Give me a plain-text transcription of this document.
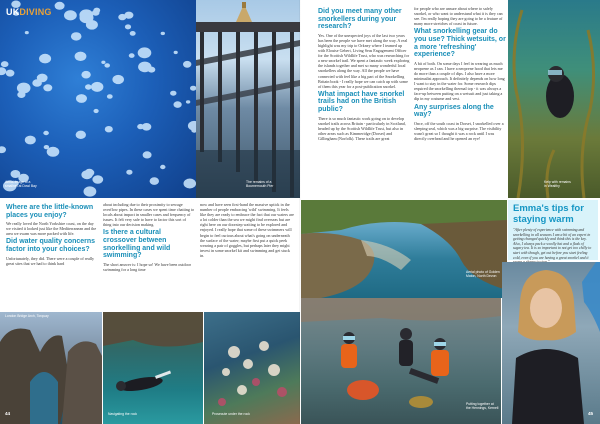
UKDIVING
Aerial image of a
smallnet at Dowl Bay
The remains of a
Bournemouth Pier
Where are the little-known places you enjoy?

We really loved the North Yorkshire coast, on the day we visited it looked just like the Mediterranean and the area we swam was more packed with life.

Did water quality concerns factor into your choices?

Unfortunately, they did. There were a couple of really great sites that we had to think hard

about including due to their proximity to sewage overflow pipes. In these cases we spent time chatting to locals about impact in smaller cases and frequency of issues. It felt very safe to have to factor this sort of thing into our decision making.

Is there a cultural crossover between snorkelling and wild swimming?

The short answer is: I hope so! We have been outdoor swimming for a long time

now and have seen first-hand the massive uptick in the number of people embracing 'wild' swimming. It feels like they are ready to embrace the fact that our waters are a lot colder than the sea we might find overseas but are right here on our doorstep waiting to be explored and enjoyed. I really hope that some of these swimmers will begin to feel curious about what's going on underneath the surface of the water; maybe first put a quick peek wearing a pair of goggles, but perhaps later they might invest in some snorkel kit and swimming and get stuck in.

London Bridge Arch, Torquay
Navigating the rock	Prosecute under the rock
44
Did you meet many other snorkellers during your research?

Yes. One of the unexpected joys of the last two years has been the people we have met along the way. A real highlight was my trip to Orkney where I teamed up with Elouise Gebert, Living Seas Engagement Officer for the Scottish Wildlife Trust, who was researching for a new snorkel trail. We spent a fantastic week exploring the islands together and met so many wonderful local snorkellers along the way. All the people we have connected with feel like a big part of the Snorkelling Britain book - I really hope we can catch up with some of them this year for a post-publication snorkel.

What impact have snorkel trails had on the British public?

There is so much fantastic work going on to develop snorkel trails across Britain - particularly in Scotland, headed up by the Scottish Wildlife Trust, but also in other areas such as Kimmeridge (Dorset) and Gillingham (Norfolk). These trails are great

for people who are unsure about where to safely snorkel, or who want to understand what it is they can see. I'm really hoping they are going to be a feature of many more stretches of coast in future.

What snorkelling gear do you use? Thick wetsuits, or a more 'refreshing' experience?

A bit of both. On some days I feel in wearing as much neoprene as I can. I have a neoprene hood that lets me do more than a couple of dips. I also have a more minimalist approach. It definitely depends on how long I want to stay in the water for. Some research dips required the snorkelling thermal top - it was always a face-up between putting on a wetsuit and just taking a dip in my costume and vest.

Any surprises along the way?

Once, off the south coast in Dorset, I snorkelled over a sleeping seal, which was a big surprise. The visibility wasn't great so I thought it was a rock until I was directly overhead and he opened an eye!

Kelp with remains
in Wealthy
Aerial photo of Golden
Maton, North Devon
Emma's tips for staying warm
"After plenty of experience with swimming and snorkelling in all seasons I am a bit of an expert in getting changed quickly and think this is the key. Also, I always pack a woolly hat and a flask of sugary tea. It is so important to not get too chilly to start with though, get out before you start feeling cold, even if you are having a great snorkel and it
Putting together at
the Hennings, Kernell
45
